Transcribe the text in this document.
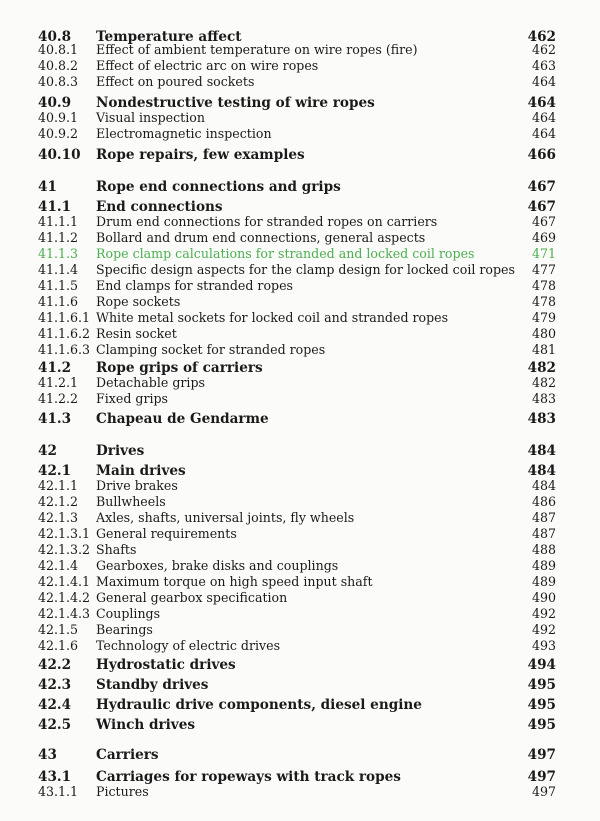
40.8 Temperature affect	462
40.8.1 Effect of ambient temperature on wire ropes (fire)	462
40.8.2 Effect of electric arc on wire ropes	463
40.8.3 Effect on poured sockets	464
40.9 Nondestructive testing of wire ropes	464
40.9.1 Visual inspection	464
40.9.2 Electromagnetic inspection	464
40.10 Rope repairs, few examples	466
41	Rope end connections and grips	467
41.1 End connections	467
41.1.1 Drum end connections for stranded ropes on carriers	467
41.1.2 Bollard and drum end connections, general aspects	469
41.1.3 Rope clamp calculations for stranded and locked coil ropes	471
41.1.4 Specific design aspects for the clamp design for locked coil ropes 477
41.1.5 End clamps for stranded ropes	478
41.1.6 Rope sockets	478
41.1.6.1 White metal sockets for locked coil and stranded ropes	479
41.1.6.2 Resin socket	480
41.1.6.3 Clamping socket for stranded ropes	481
41.2 Rope grips of carriers	482
41.2.1 Detachable grips	482
41.2.2 Fixed grips	483
41.3 Chapeau de Gendarme	483
42	Drives	484
42.1 Main drives	484
42.1.1 Drive brakes	484
42.1.2 Bullwheels	486
42.1.3 Axles, shafts, universal joints, fly wheels	487
42.1.3.1 General requirements	487
42.1.3.2 Shafts	488
42.1.4 Gearboxes, brake disks and couplings	489
42.1.4.1 Maximum torque on high speed input shaft	489
42.1.4.2 General gearbox specification	490
42.1.4.3 Couplings	492
42.1.5 Bearings	492
42.1.6 Technology of electric drives	493
42.2 Hydrostatic drives	494
42.3 Standby drives	495
42.4 Hydraulic drive components, diesel engine	495
42.5 Winch drives	495
43	Carriers	497
43.1 Carriages for ropeways with track ropes	497
43.1.1 Pictures	497
